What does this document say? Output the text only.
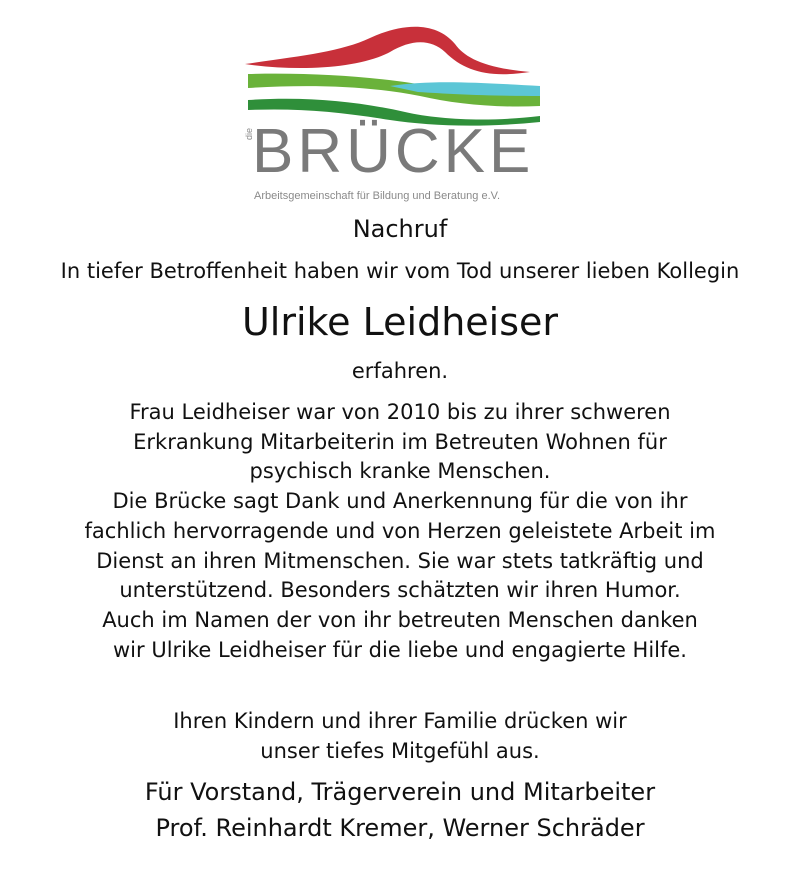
die
BRÜCKE
Arbeitsgemeinschaft für Bildung und Beratung e.V.
Nachruf
In tiefer Betroffenheit haben wir vom Tod unserer lieben Kollegin
Ulrike Leidheiser
erfahren.
Frau Leidheiser war von 2010 bis zu ihrer schweren
Erkrankung Mitarbeiterin im Betreuten Wohnen für
psychisch kranke Menschen.
Die Brücke sagt Dank und Anerkennung für die von ihr
fachlich hervorragende und von Herzen geleistete Arbeit im
Dienst an ihren Mitmenschen. Sie war stets tatkräftig und
unterstützend. Besonders schätzten wir ihren Humor.
Auch im Namen der von ihr betreuten Menschen danken
wir Ulrike Leidheiser für die liebe und engagierte Hilfe.
Ihren Kindern und ihrer Familie drücken wir
unser tiefes Mitgefühl aus.
Für Vorstand, Trägerverein und Mitarbeiter
Prof. Reinhardt Kremer, Werner Schräder
